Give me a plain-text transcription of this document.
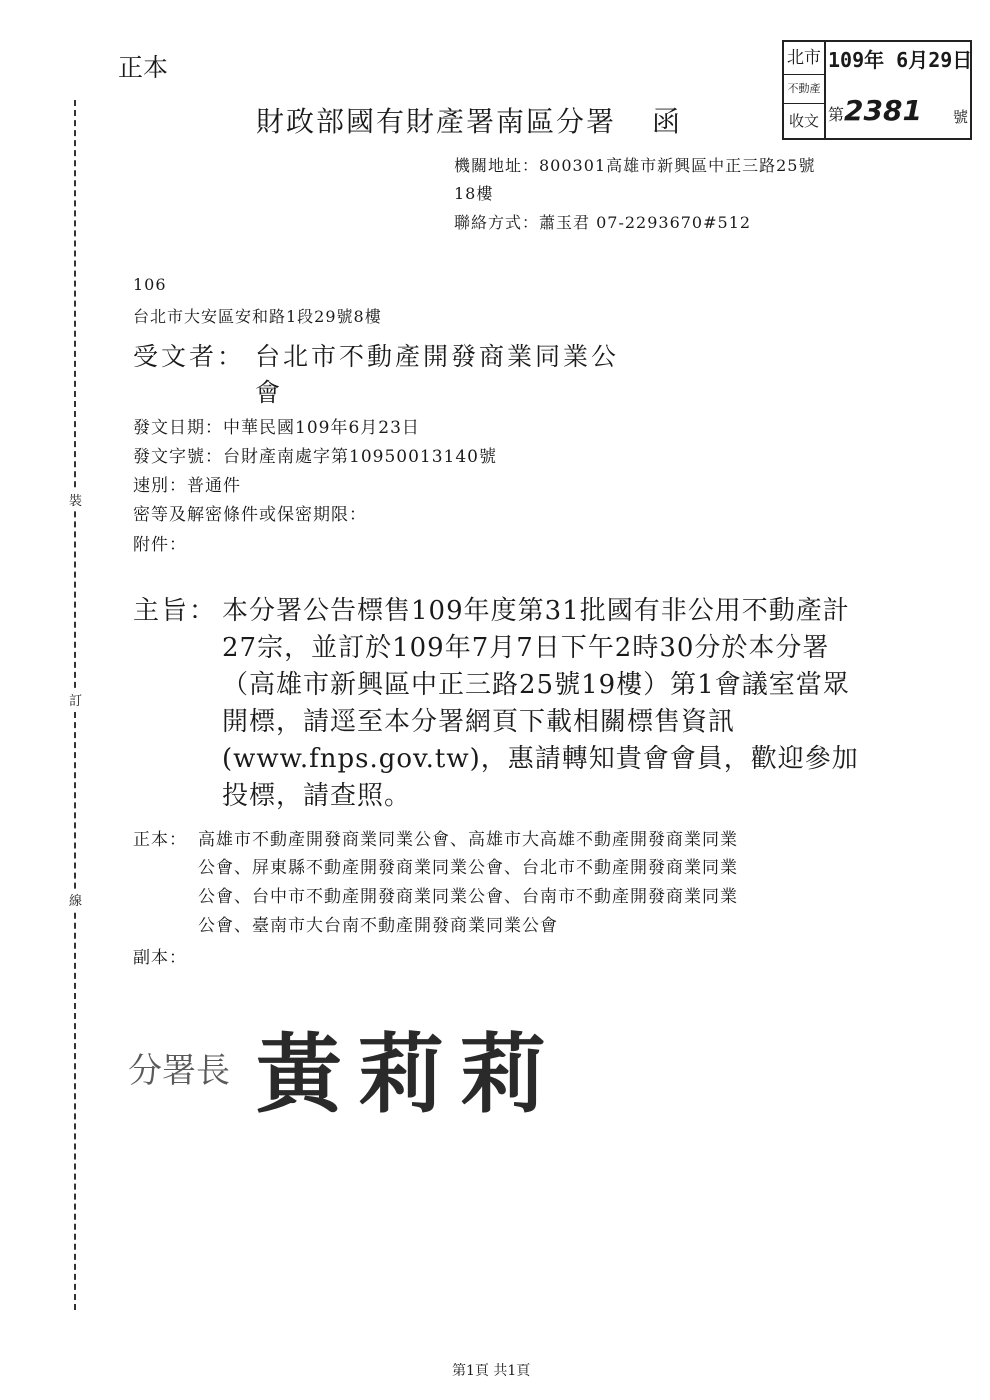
正本
財政部國有財產署南區分署 函
北市
不動產
收文
109年 6月29日
第2381 號
機關地址：800301高雄市新興區中正三路25號
18樓
聯絡方式：蕭玉君 07-2293670#512
106
台北市大安區安和路1段29號8樓
受文者： 台北市不動產開發商業同業公
會
發文日期：中華民國109年6月23日
發文字號：台財產南處字第10950013140號
速別：普通件
密等及解密條件或保密期限：
附件：
主旨： 本分署公告標售109年度第31批國有非公用不動產計
27宗，並訂於109年7月7日下午2時30分於本分署
（高雄市新興區中正三路25號19樓）第1會議室當眾
開標，請逕至本分署網頁下載相關標售資訊
(www.fnps.gov.tw)，惠請轉知貴會會員，歡迎參加
投標，請查照。
正本： 高雄市不動產開發商業同業公會、高雄市大高雄不動產開發商業同業
公會、屏東縣不動產開發商業同業公會、台北市不動產開發商業同業
公會、台中市不動產開發商業同業公會、台南市不動產開發商業同業
公會、臺南市大台南不動產開發商業同業公會
副本：
裝
訂
線
分署長 黃莉莉
第1頁 共1頁
